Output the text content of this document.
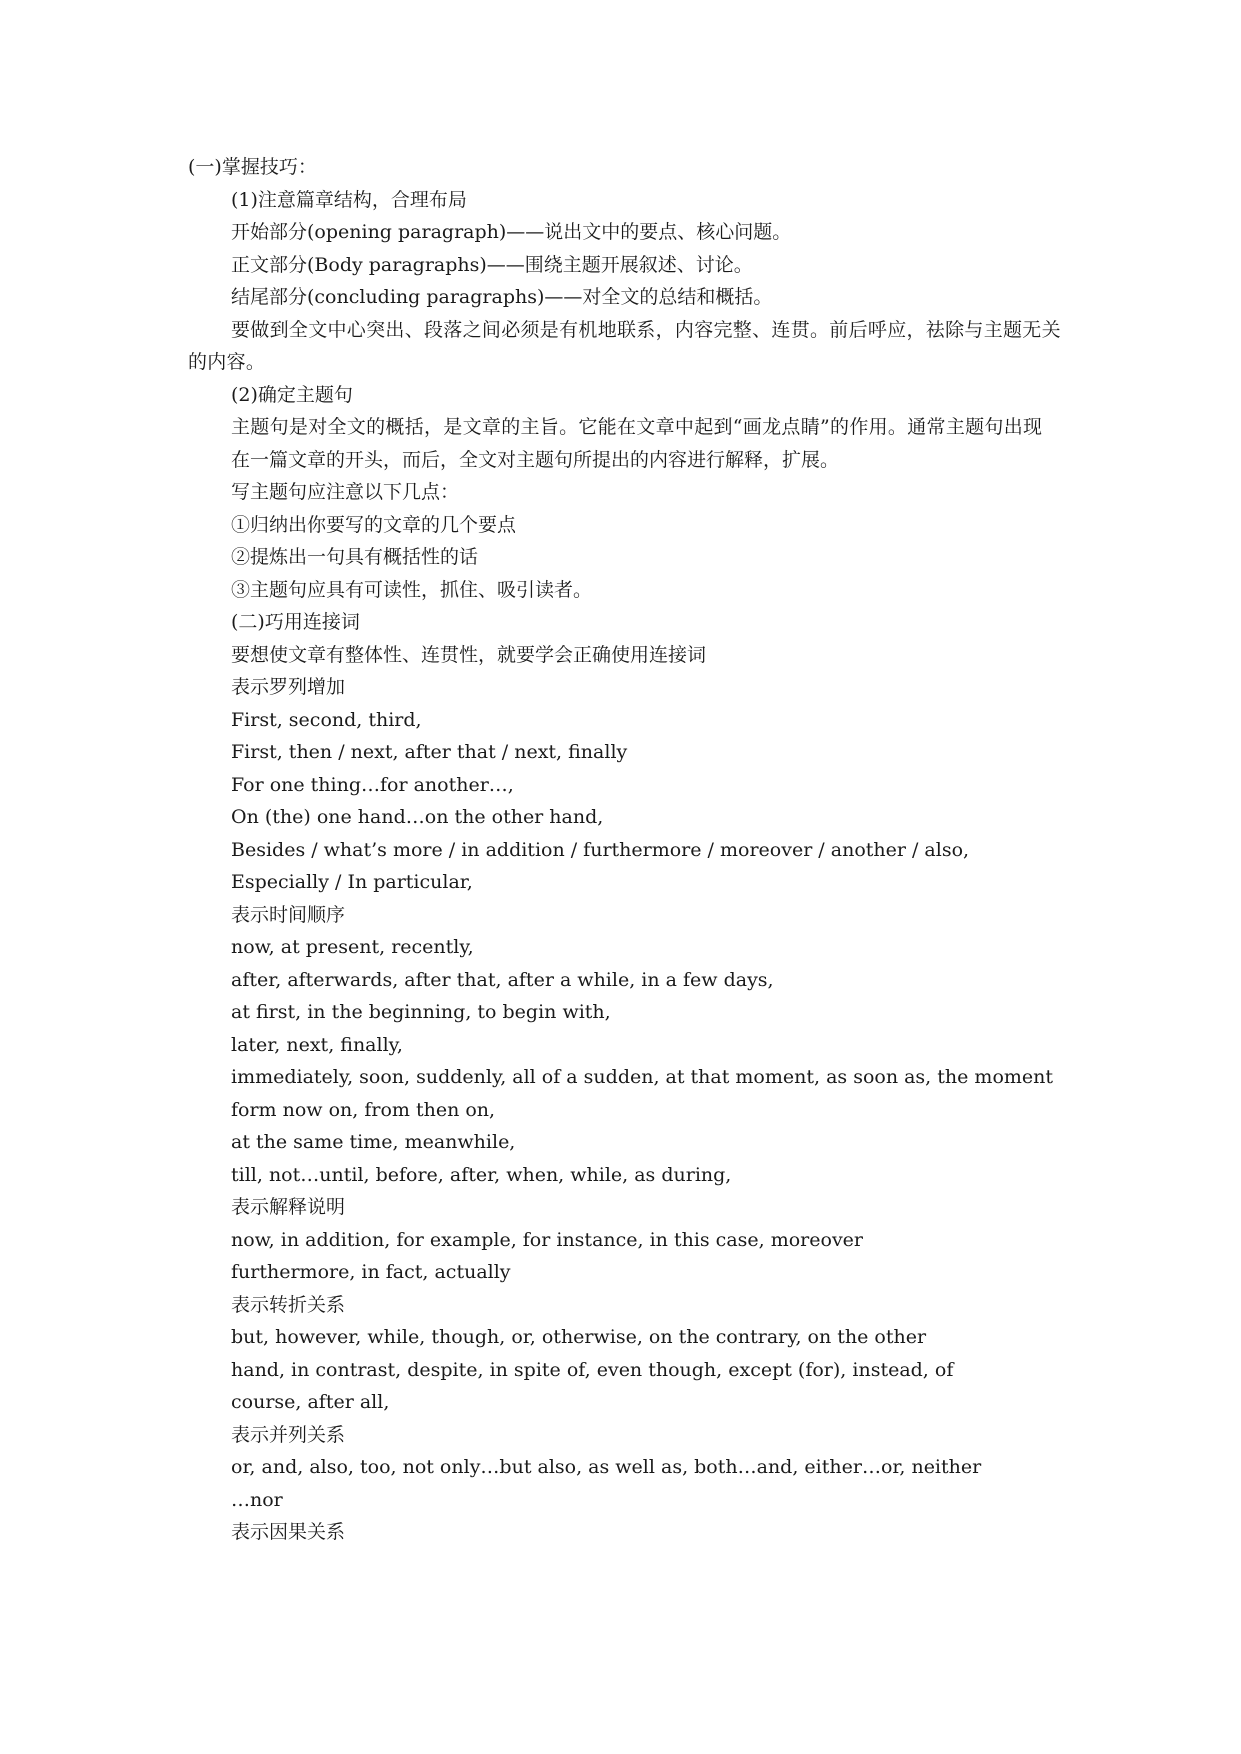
(一)掌握技巧：

(1)注意篇章结构，合理布局

开始部分(opening paragraph)——说出文中的要点、核心问题。

正文部分(Body paragraphs)——围绕主题开展叙述、讨论。

结尾部分(concluding paragraphs)——对全文的总结和概括。

要做到全文中心突出、段落之间必须是有机地联系，内容完整、连贯。前后呼应，祛除与主题无关的内容。

(2)确定主题句

主题句是对全文的概括，是文章的主旨。它能在文章中起到“画龙点睛”的作用。通常主题句出现

在一篇文章的开头，而后，全文对主题句所提出的内容进行解释，扩展。

写主题句应注意以下几点：

①归纳出你要写的文章的几个要点

②提炼出一句具有概括性的话

③主题句应具有可读性，抓住、吸引读者。

(二)巧用连接词

要想使文章有整体性、连贯性，就要学会正确使用连接词

表示罗列增加

First, second, third,

First, then / next, after that / next, finally

For one thing…for another…,

On (the) one hand…on the other hand,

Besides / what’s more / in addition / furthermore / moreover / another / also,

Especially / In particular,

表示时间顺序

now, at present, recently,

after, afterwards, after that, after a while, in a few days,

at first, in the beginning, to begin with,

later, next, finally,

immediately, soon, suddenly, all of a sudden, at that moment, as soon as, the moment

form now on, from then on,

at the same time, meanwhile,

till, not…until, before, after, when, while, as during,

表示解释说明

now, in addition, for example, for instance, in this case, moreover

furthermore, in fact, actually

表示转折关系

but, however, while, though, or, otherwise, on the contrary, on the other

hand, in contrast, despite, in spite of, even though, except (for), instead, of

course, after all,

表示并列关系

or, and, also, too, not only…but also, as well as, both…and, either…or, neither

…nor

表示因果关系
